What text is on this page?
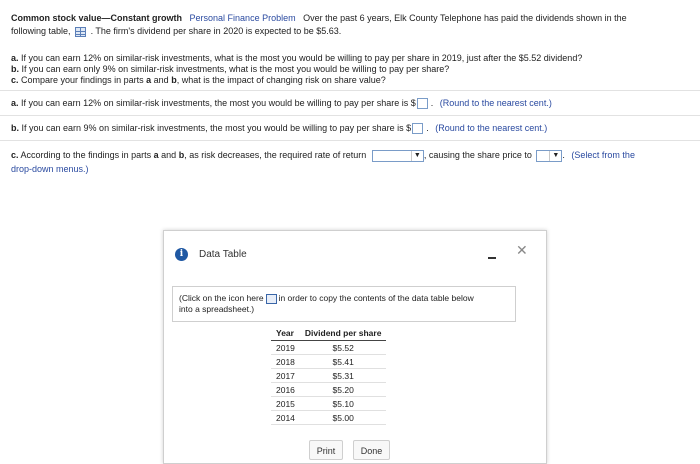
Common stock value—Constant growth Personal Finance Problem Over the past 6 years, Elk County Telephone has paid the dividends shown in the
following table, . The firm's dividend per share in 2020 is expected to be $5.63.
a. If you can earn 12% on similar-risk investments, what is the most you would be willing to pay per share in 2019, just after the $5.52 dividend?
b. If you can earn only 9% on similar-risk investments, what is the most you would be willing to pay per share?
c. Compare your findings in parts a and b, what is the impact of changing risk on share value?
a. If you can earn 12% on similar-risk investments, the most you would be willing to pay per share is $ . (Round to the nearest cent.)
b. If you can earn 9% on similar-risk investments, the most you would be willing to pay per share is $ . (Round to the nearest cent.)
c. According to the findings in parts a and b, as risk decreases, the required rate of return	▼ , causing the share price to	▼ . (Select from the
drop-down menus.)
i	Data Table	✕
(Click on the icon here in order to copy the contents of the data table below
into a spreadsheet.)
Year	Dividend per share
2019	$5.52
2018	$5.41
2017	$5.31
2016	$5.20
2015	$5.10
2014	$5.00
Print	Done
